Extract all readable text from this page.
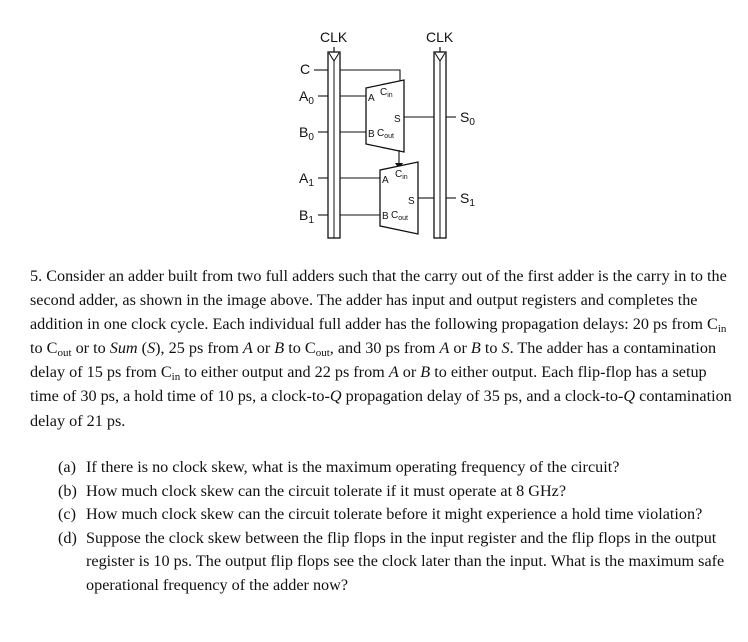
CLK	CLK
C
$A_0$
$B_0$
$A_1$
$B_1$
A
$C_{in}$
S
B $C_{out}$
$S_0$
A
$C_{in}$
S
B $C_{out}$
$S_1$

5. Consider an adder built from two full adders such that the carry out of the first adder is the carry in to the second adder, as shown in the image above. The adder has input and output registers and completes the addition in one clock cycle. Each individual full adder has the following propagation delays: 20 ps from $C_{in}$ to $C_{out}$ or to Sum (S), 25 ps from A or B to $C_{out}$, and 30 ps from A or B to S. The adder has a contamination delay of 15 ps from $C_{in}$ to either output and 22 ps from A or B to either output. Each flip-flop has a setup time of 30 ps, a hold time of 10 ps, a clock-to-Q propagation delay of 35 ps, and a clock-to-Q contamination delay of 21 ps.

(a) If there is no clock skew, what is the maximum operating frequency of the circuit?
(b) How much clock skew can the circuit tolerate if it must operate at 8 GHz?
(c) How much clock skew can the circuit tolerate before it might experience a hold time violation?
(d) Suppose the clock skew between the flip flops in the input register and the flip flops in the output register is 10 ps. The output flip flops see the clock later than the input. What is the maximum safe operational frequency of the adder now?
